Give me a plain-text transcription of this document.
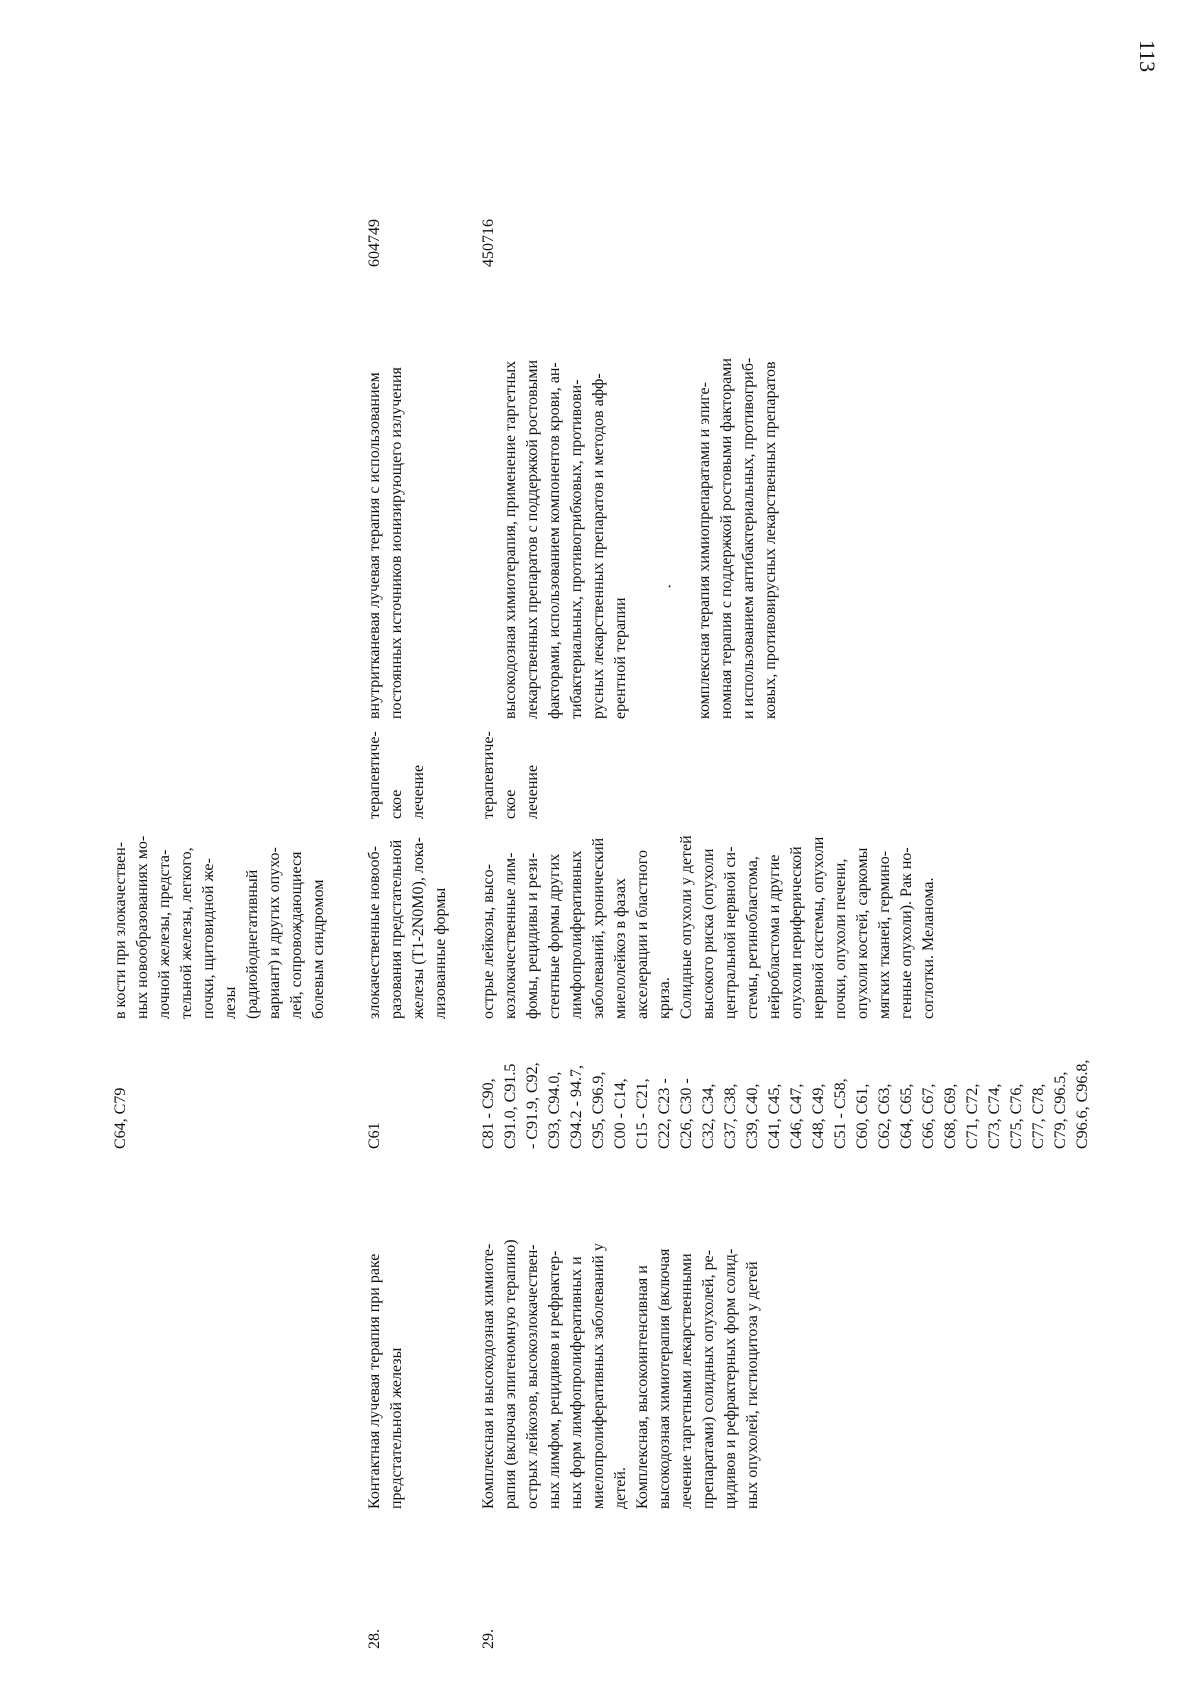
113
C64, C79
в кости при злокачествен-
ных новообразованиях мо-
лочной железы, предста-
тельной железы, легкого,
почки, щитовидной же-
лезы (радиойоднегативный
вариант) и других опухо-
лей, сопровождающиеся
болевым синдромом
28.
Контактная лучевая терапия при раке
предстательной железы
C61
злокачественные новооб-
разования предстательной
железы (T1-2N0M0), лока-
лизованные формы
терапевтиче-
ское лечение
внутритканевая лучевая терапия с использованием
постоянных источников ионизирующего излучения
604749
29.
Комплексная и высокодозная химиоте-
рапия (включая эпигеномную терапию)
острых лейкозов, высокозлокачествен-
ных лимфом, рецидивов и рефрактер-
ных форм лимфопролиферативных и
миелопролиферативных заболеваний у
детей.
Комплексная, высокоинтенсивная и
высокодозная химиотерапия (включая
лечение таргетными лекарственными
препаратами) солидных опухолей, ре-
цидивов и рефрактерных форм солид-
ных опухолей, гистиоцитоза у детей
C81 - C90,
C91.0, C91.5
- C91.9, C92,
C93, C94.0,
C94.2 - 94.7,
C95, C96.9,
C00 - C14,
C15 - C21,
C22, C23 -
C26, C30 -
C32, C34,
C37, C38,
C39, C40,
C41, C45,
C46, C47,
C48, C49,
C51 - C58,
C60, C61,
C62, C63,
C64, C65,
C66, C67,
C68, C69,
C71, C72,
C73, C74,
C75, C76,
C77, C78,
C79, C96.5,
C96.6, C96.8,
острые лейкозы, высо-
козлокачественные лим-
фомы, рецидивы и рези-
стентные формы других
лимфопролиферативных
заболеваний, хронический
миелолейкоз в фазах акселерации и бластного криза.
Солидные опухоли у детей
высокого риска (опухоли
центральной нервной си-
стемы, ретинобластома,
нейробластома и другие
опухоли периферической
нервной системы, опухоли
почки, опухоли печени,
опухоли костей, саркомы
мягких тканей, гермино-
генные опухоли). Рак но-
соглотки. Меланома.
терапевтиче-
ское лечение

высокодозная химиотерапия, применение таргетных
лекарственных препаратов с поддержкой ростовыми
факторами, использованием компонентов крови, ан-
тибактериальных, противогрибковых, противови-
русных лекарственных препаратов и методов афф-
ерентной терапии

·

комплексная терапия химиопрепаратами и эпиге-
номная терапия с поддержкой ростовыми факторами
и использованием антибактериальных, противогриб-
ковых, противовирусных лекарственных препаратов

450716
